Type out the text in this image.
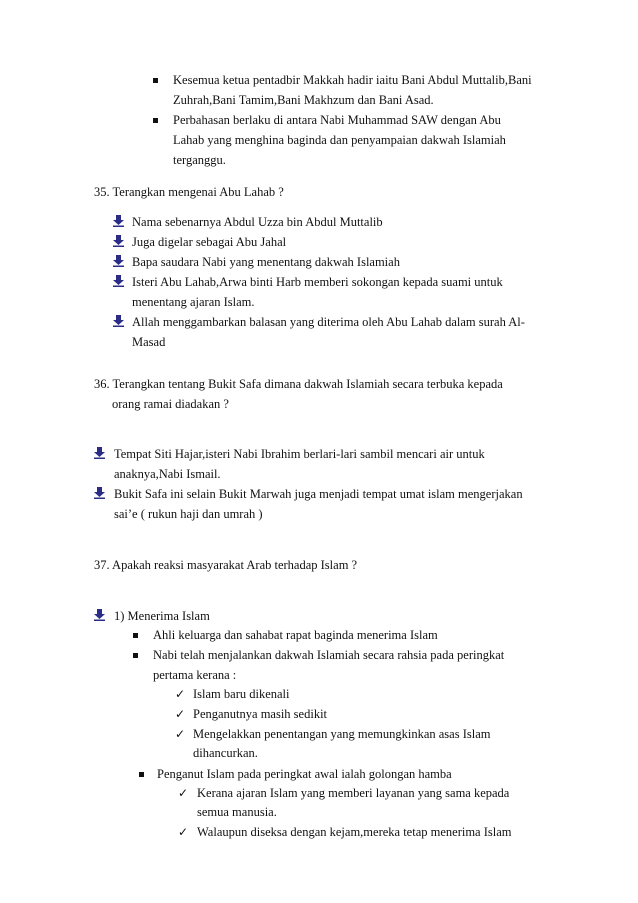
Kesemua ketua pentadbir Makkah hadir iaitu Bani Abdul Muttalib,Bani
Zuhrah,Bani Tamim,Bani Makhzum dan Bani Asad.
Perbahasan berlaku di antara Nabi Muhammad SAW dengan Abu
Lahab yang menghina baginda dan penyampaian dakwah Islamiah
terganggu.
35. Terangkan mengenai Abu Lahab ?
Nama sebenarnya Abdul Uzza bin Abdul Muttalib
Juga digelar sebagai Abu Jahal
Bapa saudara Nabi yang menentang dakwah Islamiah
Isteri Abu Lahab,Arwa binti Harb memberi sokongan kepada suami untuk
menentang ajaran Islam.
Allah menggambarkan balasan yang diterima oleh Abu Lahab dalam surah Al-
Masad
36. Terangkan tentang Bukit Safa dimana dakwah Islamiah secara terbuka kepada
orang ramai diadakan ?
Tempat Siti Hajar,isteri Nabi Ibrahim berlari-lari sambil mencari air untuk
anaknya,Nabi Ismail.
Bukit Safa ini selain Bukit Marwah juga menjadi tempat umat islam mengerjakan
sai’e ( rukun haji dan umrah )
37. Apakah reaksi masyarakat Arab terhadap Islam ?
1) Menerima Islam
Ahli keluarga dan sahabat rapat baginda menerima Islam
Nabi telah menjalankan dakwah Islamiah secara rahsia pada peringkat
pertama kerana :
✓ Islam baru dikenali
✓ Penganutnya masih sedikit
✓ Mengelakkan penentangan yang memungkinkan asas Islam
dihancurkan.
Penganut Islam pada peringkat awal ialah golongan hamba
✓ Kerana ajaran Islam yang memberi layanan yang sama kepada
semua manusia.
✓ Walaupun diseksa dengan kejam,mereka tetap menerima Islam
